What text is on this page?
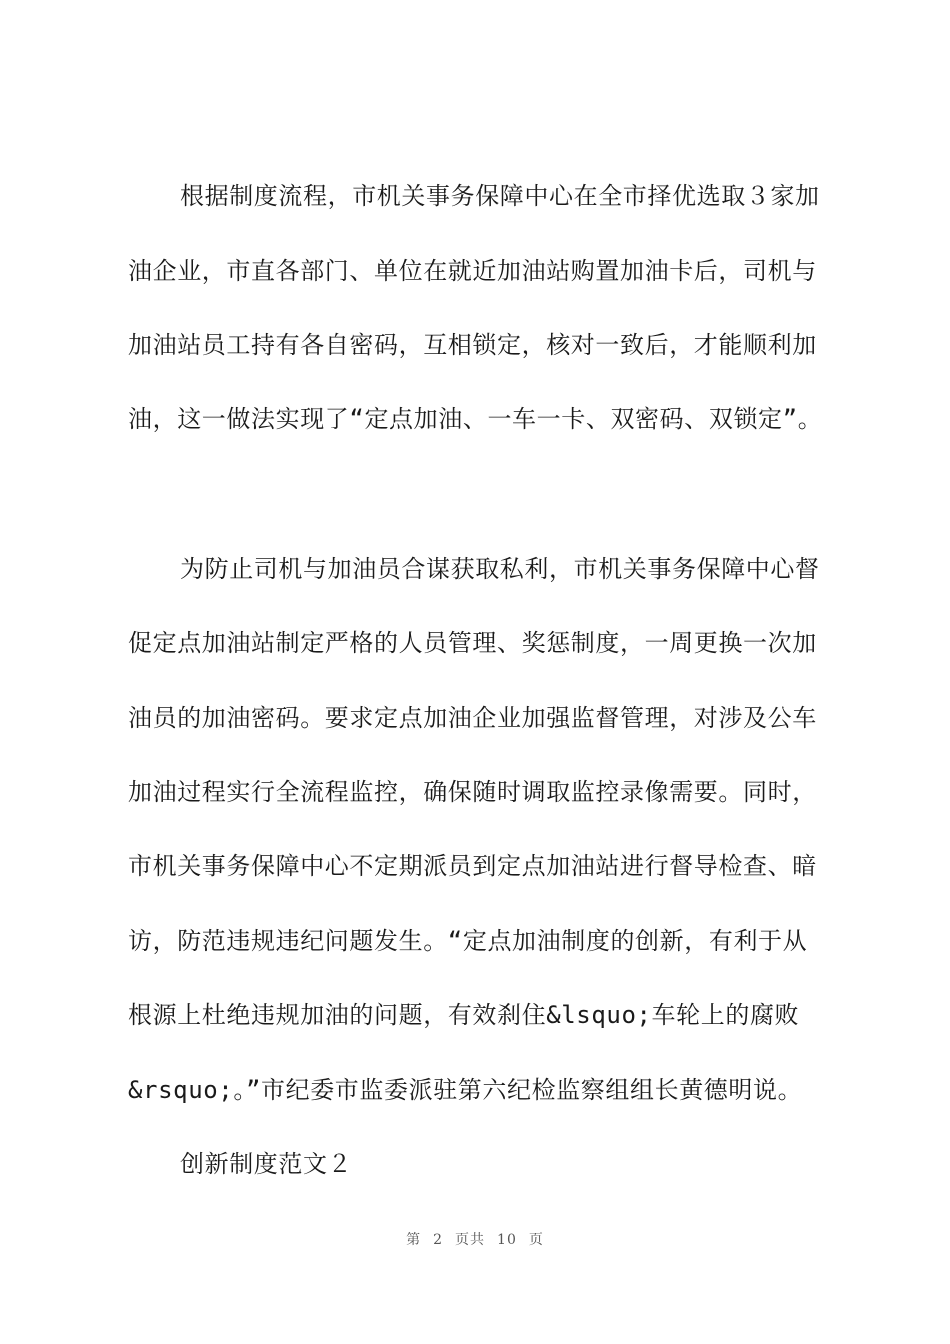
根据制度流程，市机关事务保障中心在全市择优选取３家加
油企业，市直各部门、单位在就近加油站购置加油卡后，司机与
加油站员工持有各自密码，互相锁定，核对一致后，才能顺利加
油，这一做法实现了“定点加油、一车一卡、双密码、双锁定”。
为防止司机与加油员合谋获取私利，市机关事务保障中心督
促定点加油站制定严格的人员管理、奖惩制度，一周更换一次加
油员的加油密码。要求定点加油企业加强监督管理，对涉及公车
加油过程实行全流程监控，确保随时调取监控录像需要。同时，
市机关事务保障中心不定期派员到定点加油站进行督导检查、暗
访，防范违规违纪问题发生。“定点加油制度的创新，有利于从
根源上杜绝违规加油的问题，有效刹住&lsquo;车轮上的腐败
&rsquo;。”市纪委市监委派驻第六纪检监察组组长黄德明说。
创新制度范文２
第 2 页共 10 页
